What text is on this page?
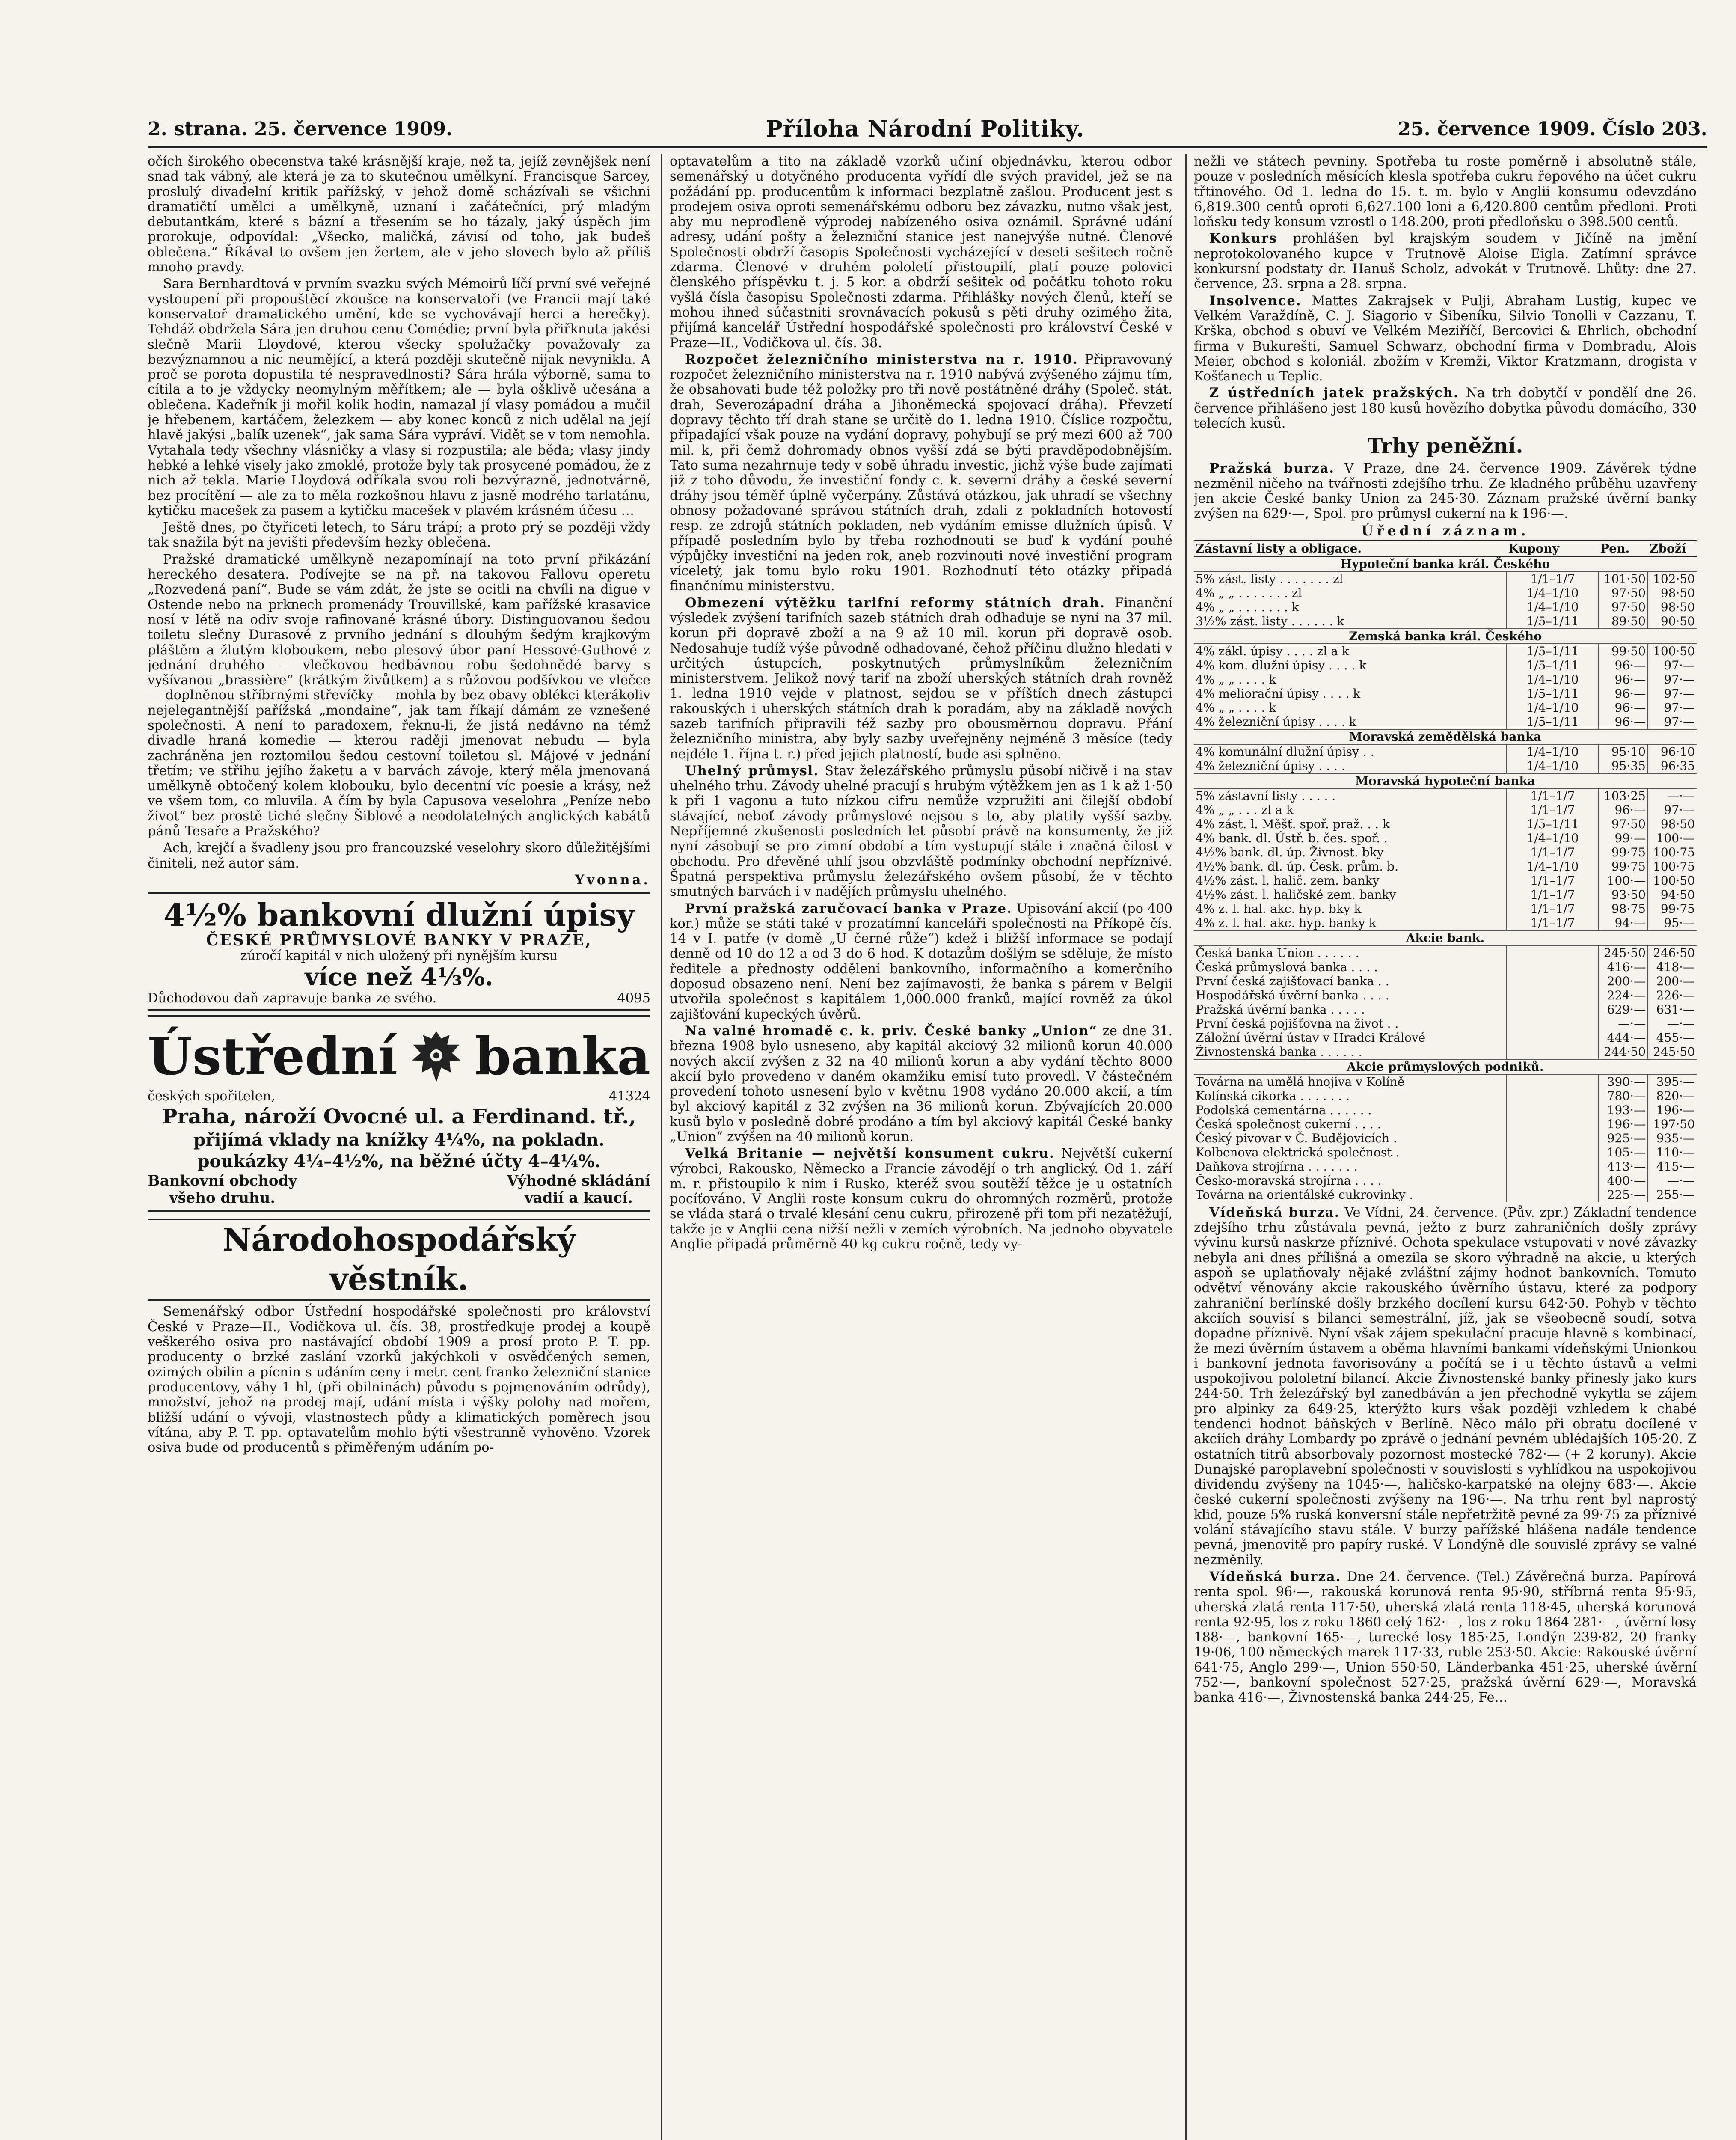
2. strana. 25. července 1909.	Příloha Národní Politiky.	25. července 1909. Číslo 203.

očích širokého obecenstva také krásnější kraje, než ta, jejíž zevnějšek není snad tak vábný, ale která je za to skutečnou umělkyní. Francisque Sarcey, proslulý divadelní kritik pařížský, v jehož domě scházívali se všichni dramatičtí umělci a umělkyně, uznaní i začátečníci, prý mladým debutantkám, které s bázní a třesením se ho tázaly, jaký úspěch jim prorokuje, odpovídal: „Všecko, maličká, závisí od toho, jak budeš oblečena.“ Říkával to ovšem jen žertem, ale v jeho slovech bylo až příliš mnoho pravdy.

Sara Bernhardtová v prvním svazku svých Mémoirů líčí první své veřejné vystoupení při propouštěcí zkoušce na konservatoři (ve Francii mají také konservatoř dramatického umění, kde se vychovávají herci a herečky). Tehdáž obdržela Sára jen druhou cenu Comédie; první byla přiřknuta jakési slečně Marii Lloydové, kterou všecky spolužačky považovaly za bezvýznamnou a nic neumějící, a která později skutečně nijak nevynikla. A proč se porota dopustila té nespravedlnosti? Sára hrála výborně, sama to cítila a to je vždycky neomylným měřítkem; ale — byla ošklivě učesána a oblečena. Kadeřník ji mořil kolik hodin, namazal jí vlasy pomádou a mučil je hřebenem, kartáčem, železkem — aby konec konců z nich udělal na její hlavě jakýsi „balík uzenek“, jak sama Sára vypráví. Vidět se v tom nemohla. Vytahala tedy všechny vlásničky a vlasy si rozpustila; ale běda; vlasy jindy hebké a lehké visely jako zmoklé, protože byly tak prosycené pomádou, že z nich až tekla. Marie Lloydová odříkala svou roli bezvýrazně, jednotvárně, bez procítění — ale za to měla rozkošnou hlavu z jasně modrého tarlatánu, kytičku macešek za pasem a kytičku macešek v plavém krásném účesu …

Ještě dnes, po čtyřiceti letech, to Sáru trápí; a proto prý se později vždy tak snažila být na jevišti především hezky oblečena.

Pražské dramatické umělkyně nezapomínají na toto první přikázání hereckého desatera. Podívejte se na př. na takovou Fallovu operetu „Rozvedená paní“. Bude se vám zdát, že jste se ocitli na chvíli na digue v Ostende nebo na prknech promenády Trouvillské, kam pařížské krasavice nosí v létě na odiv svoje rafinované krásné úbory. Distinguovanou šedou toiletu slečny Durasové z prvního jednání s dlouhým šedým krajkovým pláštěm a žlutým kloboukem, nebo plesový úbor paní Hessové-Guthové z jednání druhého — vlečkovou hedbávnou robu šedohnědé barvy s vyšívanou „brassière“ (krátkým živůtkem) a s růžovou podšívkou ve vlečce — doplněnou stříbrnými střevíčky — mohla by bez obavy oblékci kterákoliv nejelegantnější pařížská „mondaine“, jak tam říkají dámám ze vznešené společnosti. A není to paradoxem, řeknu-li, že jistá nedávno na témž divadle hraná komedie — kterou raději jmenovat nebudu — byla zachráněna jen roztomilou šedou cestovní toiletou sl. Májové v jednání třetím; ve střihu jejího žaketu a v barvách závoje, který měla jmenovaná umělkyně obtočený kolem klobouku, bylo decentní víc poesie a krásy, než ve všem tom, co mluvila. A čím by byla Capusova veselohra „Peníze nebo život“ bez prostě tiché slečny Šiblové a neodolatelných anglických kabátů pánů Tesaře a Pražského?

Ach, krejčí a švadleny jsou pro francouzské veselohry skoro důležitějšími činiteli, než autor sám.

Yvonna.
4½% bankovní dlužní úpisy
ČESKÉ PRŮMYSLOVÉ BANKY V PRAZE,
zúročí kapitál v nich uložený při nynějším kursu
více než 4⅓%.
Důchodovou daň zapravuje banka ze svého.	4095
Ústřední banka
českých spořitelen,	41324
Praha, nároží Ovocné ul. a Ferdinand. tř.,
přijímá vklady na knížky 4¼%, na pokladn. poukázky 4¼–4½%, na běžné účty 4–4¼%.
Bankovní obchody
všeho druhu.
Výhodné skládání
vadií a kaucí.
Národohospodářský věstník.

Semenářský odbor Ústřední hospodářské společnosti pro království České v Praze—II., Vodičkova ul. čís. 38, prostředkuje prodej a koupě veškerého osiva pro nastávající období 1909 a prosí proto P. T. pp. producenty o brzké zaslání vzorků jakýchkoli v osvědčených semen, ozimých obilin a pícnin s udáním ceny i metr. cent franko železniční stanice producentovy, váhy 1 hl, (při obilninách) původu s pojmenováním odrůdy), množství, jehož na prodej mají, udání místa i výšky polohy nad mořem, bližší udání o vývoji, vlastnostech půdy a klimatických poměrech jsou vítána, aby P. T. pp. optavatelům mohlo býti všestranně vyhověno. Vzorek osiva bude od producentů s přiměřeným udáním po-

optavatelům a tito na základě vzorků učiní objednávku, kterou odbor semenářský u dotyčného producenta vyřídí dle svých pravidel, jež se na požádání pp. producentům k informaci bezplatně zašlou. Producent jest s prodejem osiva oproti semenářskému odboru bez závazku, nutno však jest, aby mu neprodleně výprodej nabízeného osiva oznámil. Správné udání adresy, udání pošty a železniční stanice jest nanejvýše nutné. Členové Společnosti obdrží časopis Společnosti vycházející v deseti sešitech ročně zdarma. Členové v druhém pololetí přistoupilí, platí pouze polovici členského příspěvku t. j. 5 kor. a obdrží sešitek od počátku tohoto roku vyšlá čísla časopisu Společnosti zdarma. Přihlášky nových členů, kteří se mohou ihned súčastniti srovnávacích pokusů s pěti druhy ozimého žita, přijímá kancelář Ústřední hospodářské společnosti pro království České v Praze—II., Vodičkova ul. čís. 38.

Rozpočet železničního ministerstva na r. 1910. Připravovaný rozpočet železničního ministerstva na r. 1910 nabývá zvýšeného zájmu tím, že obsahovati bude též položky pro tři nově postátněné dráhy (Společ. stát. drah, Severozápadní dráha a Jihoněmecká spojovací dráha). Převzetí dopravy těchto tří drah stane se určitě do 1. ledna 1910. Číslice rozpočtu, připadající však pouze na vydání dopravy, pohybují se prý mezi 600 až 700 mil. k, při čemž dohromady obnos vyšší zdá se býti pravděpodobnějším. Tato suma nezahrnuje tedy v sobě úhradu investic, jichž výše bude zajímati již z toho důvodu, že investiční fondy c. k. severní dráhy a české severní dráhy jsou téměř úplně vyčerpány. Zůstává otázkou, jak uhradí se všechny obnosy požadované správou státních drah, zdali z pokladních hotovostí resp. ze zdrojů státních pokladen, neb vydáním emisse dlužních úpisů. V případě posledním bylo by třeba rozhodnouti se buď k vydání pouhé výpůjčky investiční na jeden rok, aneb rozvinouti nové investiční program víceletý, jak tomu bylo roku 1901. Rozhodnutí této otázky připadá finančnímu ministerstvu.

Obmezení výtěžku tarifní reformy státních drah. Finanční výsledek zvýšení tarifních sazeb státních drah odhaduje se nyní na 37 mil. korun při dopravě zboží a na 9 až 10 mil. korun při dopravě osob. Nedosahuje tudíž výše původně odhadované, čehož příčinu dlužno hledati v určitých ústupcích, poskytnutých průmyslníkům železničním ministerstvem. Jelikož nový tarif na zboží uherských státních drah rovněž 1. ledna 1910 vejde v platnost, sejdou se v příštích dnech zástupci rakouských i uherských státních drah k poradám, aby na základě nových sazeb tarifních připravili též sazby pro obousměrnou dopravu. Přání železničního ministra, aby byly sazby uveřejněny nejméně 3 měsíce (tedy nejdéle 1. října t. r.) před jejich platností, bude asi splněno.

Uhelný průmysl. Stav železářského průmyslu působí ničivě i na stav uhelného trhu. Závody uhelné pracují s hrubým výtěžkem jen as 1 k až 1·50 k při 1 vagonu a tuto nízkou cifru nemůže vzpružiti ani čilejší období stávající, neboť závody průmyslové nejsou s to, aby platily vyšší sazby. Nepříjemné zkušenosti posledních let působí právě na konsumenty, že již nyní zásobují se pro zimní období a tím vystupují stále i značná čilost v obchodu. Pro dřevěné uhlí jsou obzvláště podmínky obchodní nepříznivé. Špatná perspektiva průmyslu železářského ovšem působí, že v těchto smutných barvách i v nadějích průmyslu uhelného.

První pražská zaručovací banka v Praze. Upisování akcií (po 400 kor.) může se státi také v prozatímní kanceláři společnosti na Příkopě čís. 14 v I. patře (v domě „U černé růže“) kdež i bližší informace se podají denně od 10 do 12 a od 3 do 6 hod. K dotazům došlým se sděluje, že místo ředitele a přednosty oddělení bankovního, informačního a komerčního doposud obsazeno není. Není bez zajímavosti, že banka s párem v Belgii utvořila společnost s kapitálem 1,000.000 franků, mající rovněž za úkol zajišťování kupeckých úvěrů.

Na valné hromadě c. k. priv. České banky „Union“ ze dne 31. března 1908 bylo usneseno, aby kapitál akciový 32 milionů korun 40.000 nových akcií zvýšen z 32 na 40 milionů korun a aby vydání těchto 8000 akcií bylo provedeno v daném okamžiku emisí tuto provedl. V částečném provedení tohoto usnesení bylo v květnu 1908 vydáno 20.000 akcií, a tím byl akciový kapitál z 32 zvýšen na 36 milionů korun. Zbývajících 20.000 kusů bylo v posledně dobré prodáno a tím byl akciový kapitál České banky „Union“ zvýšen na 40 milionů korun.

Velká Britanie — největší konsument cukru. Největší cukerní výrobci, Rakousko, Německo a Francie závodějí o trh anglický. Od 1. září m. r. přistoupilo k nim i Rusko, kteréž svou soutěží těžce je u ostatních pocíťováno. V Anglii roste konsum cukru do ohromných rozměrů, protože se vláda stará o trvalé klesání cenu cukru, přirozeně při tom při nezatěžují, takže je v Anglii cena nižší nežli v zemích výrobních. Na jednoho obyvatele Anglie připadá průměrně 40 kg cukru ročně, tedy vy-

nežli ve státech pevniny. Spotřeba tu roste poměrně i absolutně stále, pouze v posledních měsících klesla spotřeba cukru řepového na účet cukru třtinového. Od 1. ledna do 15. t. m. bylo v Anglii konsumu odevzdáno 6,819.300 centů oproti 6,627.100 loni a 6,420.800 centům předloni. Proti loňsku tedy konsum vzrostl o 148.200, proti předloňsku o 398.500 centů.

Konkurs prohlášen byl krajským soudem v Jičíně na jmění neprotokolovaného kupce v Trutnově Aloise Eigla. Zatímní správce konkursní podstaty dr. Hanuš Scholz, advokát v Trutnově. Lhůty: dne 27. července, 23. srpna a 28. srpna.

Insolvence. Mattes Zakrajsek v Pulji, Abraham Lustig, kupec ve Velkém Varaždíně, C. J. Siagorio v Šibeníku, Silvio Tonolli v Cazzanu, T. Krška, obchod s obuví ve Velkém Meziříčí, Bercovici & Ehrlich, obchodní firma v Bukurešti, Samuel Schwarz, obchodní firma v Dombradu, Alois Meier, obchod s koloniál. zbožím v Kremži, Viktor Kratzmann, drogista v Košťanech u Teplic.

Z ústředních jatek pražských. Na trh dobytčí v pondělí dne 26. července přihlášeno jest 180 kusů hovězího dobytka původu domácího, 330 telecích kusů.

Trhy peněžní.

Pražská burza. V Praze, dne 24. července 1909. Závěrek týdne nezměnil ničeho na tvářnosti zdejšího trhu. Ze kladného průběhu uzavřeny jen akcie České banky Union za 245·30. Záznam pražské úvěrní banky zvýšen na 629·—, Spol. pro průmysl cukerní na k 196·—.

Úřední záznam.
Zástavní listy a obligace.	Kupony	Pen.	Zboží
Hypoteční banka král. Českého			
5% zást. listy . . . . . . . zl	1/1–1/7	101·50	102·50
4% „ „ . . . . . . . zl	1/4–1/10	97·50	98·50
4% „ „ . . . . . . . k	1/4–1/10	97·50	98·50
3½% zást. listy . . . . . . k	1/5–1/11	89·50	90·50
Zemská banka král. Českého			
4% zákl. úpisy . . . . zl a k	1/5–1/11	99·50	100·50
4% kom. dlužní úpisy . . . . k	1/5–1/11	96·—	97·—
4% „ „ . . . . k	1/4–1/10	96·—	97·—
4% meliorační úpisy . . . . k	1/5–1/11	96·—	97·—
4% „ „ . . . . k	1/4–1/10	96·—	97·—
4% železniční úpisy . . . . k	1/5–1/11	96·—	97·—
Moravská zemědělská banka			
4% komunální dlužní úpisy . .	1/4–1/10	95·10	96·10
4% železniční úpisy . . . .	1/4–1/10	95·35	96·35
Moravská hypoteční banka			
5% zástavní listy . . . . .	1/1–1/7	103·25	—·—
4% „ „ . . . zl a k	1/1–1/7	96·—	97·—
4% zást. l. Měšť. spoř. praž. . . k	1/5–1/11	97·50	98·50
4% bank. dl. Ústř. b. čes. spoř. .	1/4–1/10	99·—	100·—
4½% bank. dl. úp. Živnost. bky	1/1–1/7	99·75	100·75
4½% bank. dl. úp. Česk. prům. b.	1/4–1/10	99·75	100·75
4½% zást. l. halič. zem. banky	1/1–1/7	100·—	100·50
4½% zást. l. haličské zem. banky	1/1–1/7	93·50	94·50
4% z. l. hal. akc. hyp. bky k	1/1–1/7	98·75	99·75
4% z. l. hal. akc. hyp. banky k	1/1–1/7	94·—	95·—
Akcie bank.			
Česká banka Union . . . . . .		245·50	246·50
Česká průmyslová banka . . . .		416·—	418·—
První česká zajišťovací banka . .		200·—	200·—
Hospodářská úvěrní banka . . . .		224·—	226·—
Pražská úvěrní banka . . . . .		629·—	631·—
První česká pojišťovna na život . .		—·—	—·—
Záložní úvěrní ústav v Hradci Králové		444·—	455·—
Živnostenská banka . . . . . .		244·50	245·50
Akcie průmyslových podniků.			
Továrna na umělá hnojiva v Kolíně		390·—	395·—
Kolínská cikorka . . . . . . .		780·—	820·—
Podolská cementárna . . . . . .		193·—	196·—
Česká společnost cukerní . . . .		196·—	197·50
Český pivovar v Č. Budějovicích .		925·—	935·—
Kolbenova elektrická společnost .		105·—	110·—
Daňkova strojírna . . . . . . .		413·—	415·—
Česko-moravská strojírna . . . .		400·—	—·—
Továrna na orientálské cukrovinky .		225·—	255·—

Vídeňská burza. Ve Vídni, 24. července. (Pův. zpr.) Základní tendence zdejšího trhu zůstávala pevná, ježto z burz zahraničních došly zprávy vývinu kursů naskrze příznivé. Ochota spekulace vstupovati v nové závazky nebyla ani dnes přílišná a omezila se skoro výhradně na akcie, u kterých aspoň se uplatňovaly nějaké zvláštní zájmy hodnot bankovních. Tomuto odvětví věnovány akcie rakouského úvěrního ústavu, které za podpory zahraniční berlínské došly brzkého docílení kursu 642·50. Pohyb v těchto akciích souvisí s bilanci semestrální, jíž, jak se všeobecně soudí, sotva dopadne příznivě. Nyní však zájem spekulační pracuje hlavně s kombinací, že mezi úvěrním ústavem a oběma hlavními bankami vídeňskými Unionkou i bankovní jednota favorisovány a počítá se i u těchto ústavů a velmi uspokojivou pololetní bilancí. Akcie Živnostenské banky přinesly jako kurs 244·50. Trh železářský byl zanedbáván a jen přechodně vykytla se zájem pro alpinky za 649·25, kterýžto kurs však později vzhledem k chabé tendenci hodnot báňských v Berlíně. Něco málo při obratu docílené v akciích dráhy Lombardy po zprávě o jednání pevném ublédajších 105·20. Z ostatních titrů absorbovaly pozornost mostecké 782·— (+ 2 koruny). Akcie Dunajské paroplavební společnosti v souvislosti s vyhlídkou na uspokojivou dividendu zvýšeny na 1045·—, haličsko-karpatské na olejny 683·—. Akcie české cukerní společnosti zvýšeny na 196·—. Na trhu rent byl naprostý klid, pouze 5% ruská konversní stále nepřetržitě pevné za 99·75 za příznivé volání stávajícího stavu stále. V burzy pařížské hlášena nadále tendence pevná, jmenovitě pro papíry ruské. V Londýně dle souvislé zprávy se valné nezměnily.

Vídeňská burza. Dne 24. července. (Tel.) Závěrečná burza. Papírová renta spol. 96·—, rakouská korunová renta 95·90, stříbrná renta 95·95, uherská zlatá renta 117·50, uherská zlatá renta 118·45, uherská korunová renta 92·95, los z roku 1860 celý 162·—, los z roku 1864 281·—, úvěrní losy 188·—, bankovní 165·—, turecké losy 185·25, Londýn 239·82, 20 franky 19·06, 100 německých marek 117·33, ruble 253·50. Akcie: Rakouské úvěrní 641·75, Anglo 299·—, Union 550·50, Länderbanka 451·25, uherské úvěrní 752·—, bankovní společnost 527·25, pražská úvěrní 629·—, Moravská banka 416·—, Živnostenská banka 244·25, Fe…
